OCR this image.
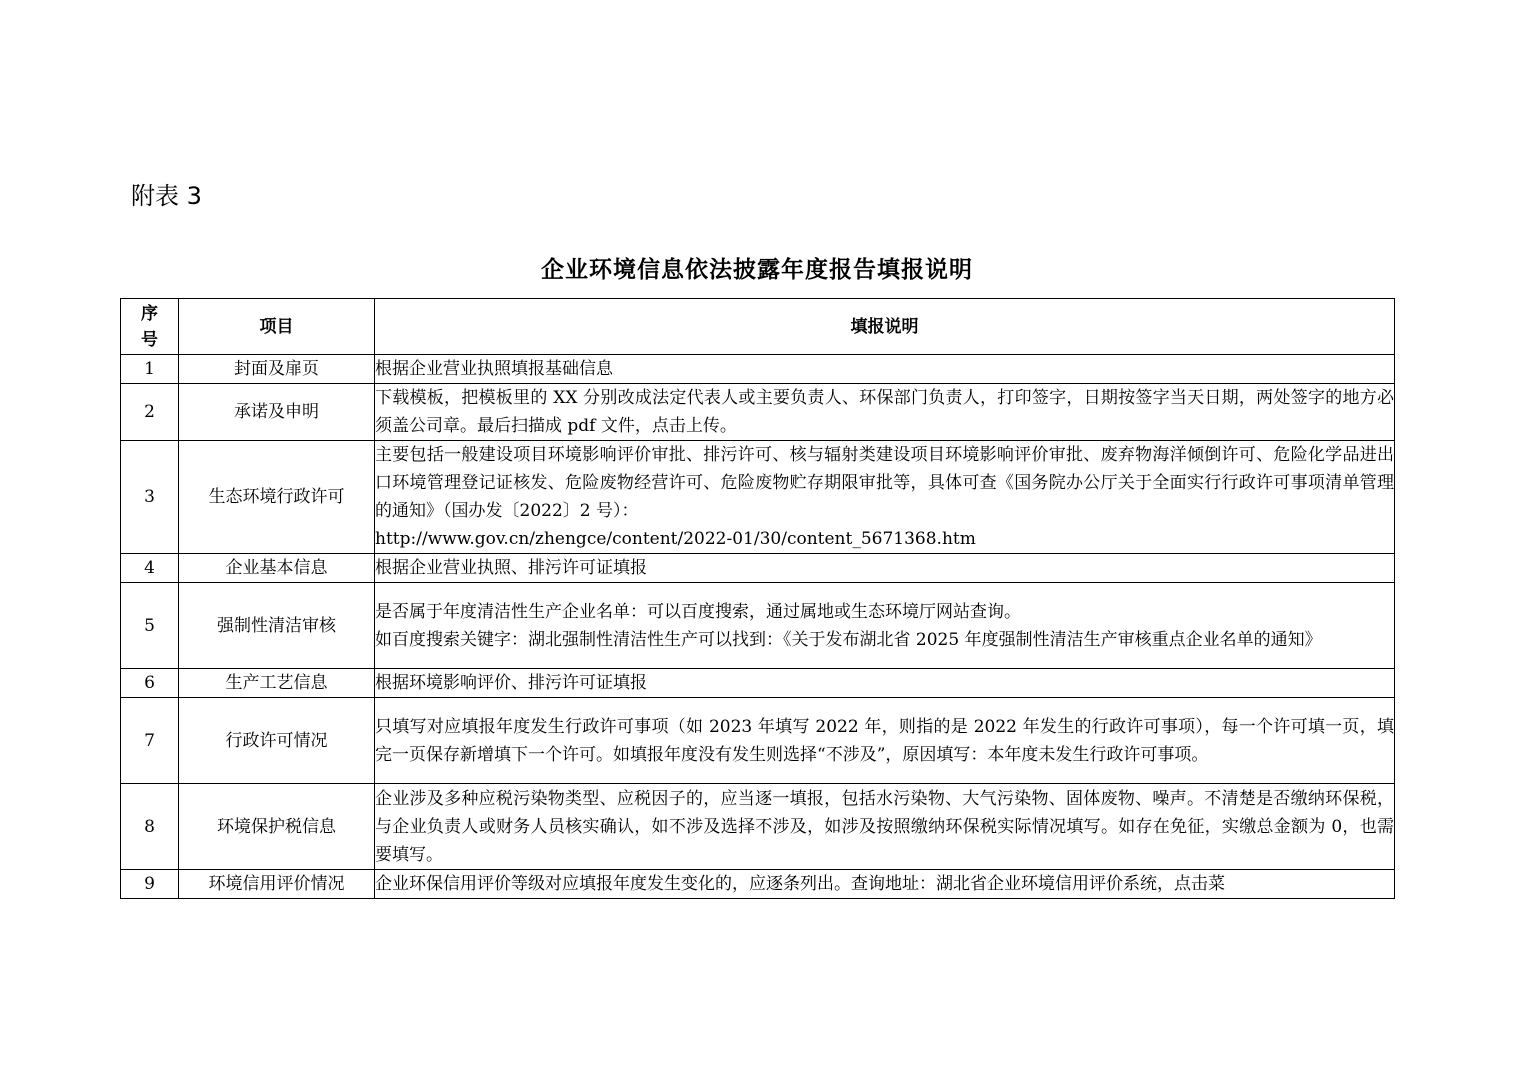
附表 3
企业环境信息依法披露年度报告填报说明
序
号	项目	填报说明
1	封面及扉页	根据企业营业执照填报基础信息

2	承诺及申明	下载模板，把模板里的 XX 分别改成法定代表人或主要负责人、环保部门负责人，打印签字，日期按签字当天日期，两处签字的地方必须盖公司章。最后扫描成 pdf 文件，点击上传。

3	生态环境行政许可	主要包括一般建设项目环境影响评价审批、排污许可、核与辐射类建设项目环境影响评价审批、废弃物海洋倾倒许可、危险化学品进出口环境管理登记证核发、危险废物经营许可、危险废物贮存期限审批等，具体可查《国务院办公厅关于全面实行行政许可事项清单管理的通知》（国办发〔2022〕2 号）：
http://www.gov.cn/zhengce/content/2022-01/30/content_5671368.htm

4	企业基本信息	根据企业营业执照、排污许可证填报

5	强制性清洁审核	是否属于年度清洁性生产企业名单：可以百度搜索，通过属地或生态环境厅网站查询。
如百度搜索关键字：湖北强制性清洁性生产可以找到：《关于发布湖北省 2025 年度强制性清洁生产审核重点企业名单的通知》

6	生产工艺信息	根据环境影响评价、排污许可证填报

7	行政许可情况	只填写对应填报年度发生行政许可事项（如 2023 年填写 2022 年，则指的是 2022 年发生的行政许可事项），每一个许可填一页，填完一页保存新增填下一个许可。如填报年度没有发生则选择“不涉及”，原因填写：本年度未发生行政许可事项。

8	环境保护税信息	企业涉及多种应税污染物类型、应税因子的，应当逐一填报，包括水污染物、大气污染物、固体废物、噪声。不清楚是否缴纳环保税，与企业负责人或财务人员核实确认，如不涉及选择不涉及，如涉及按照缴纳环保税实际情况填写。如存在免征，实缴总金额为 0，也需要填写。

9	环境信用评价情况	企业环保信用评价等级对应填报年度发生变化的，应逐条列出。查询地址：湖北省企业环境信用评价系统，点击菜
